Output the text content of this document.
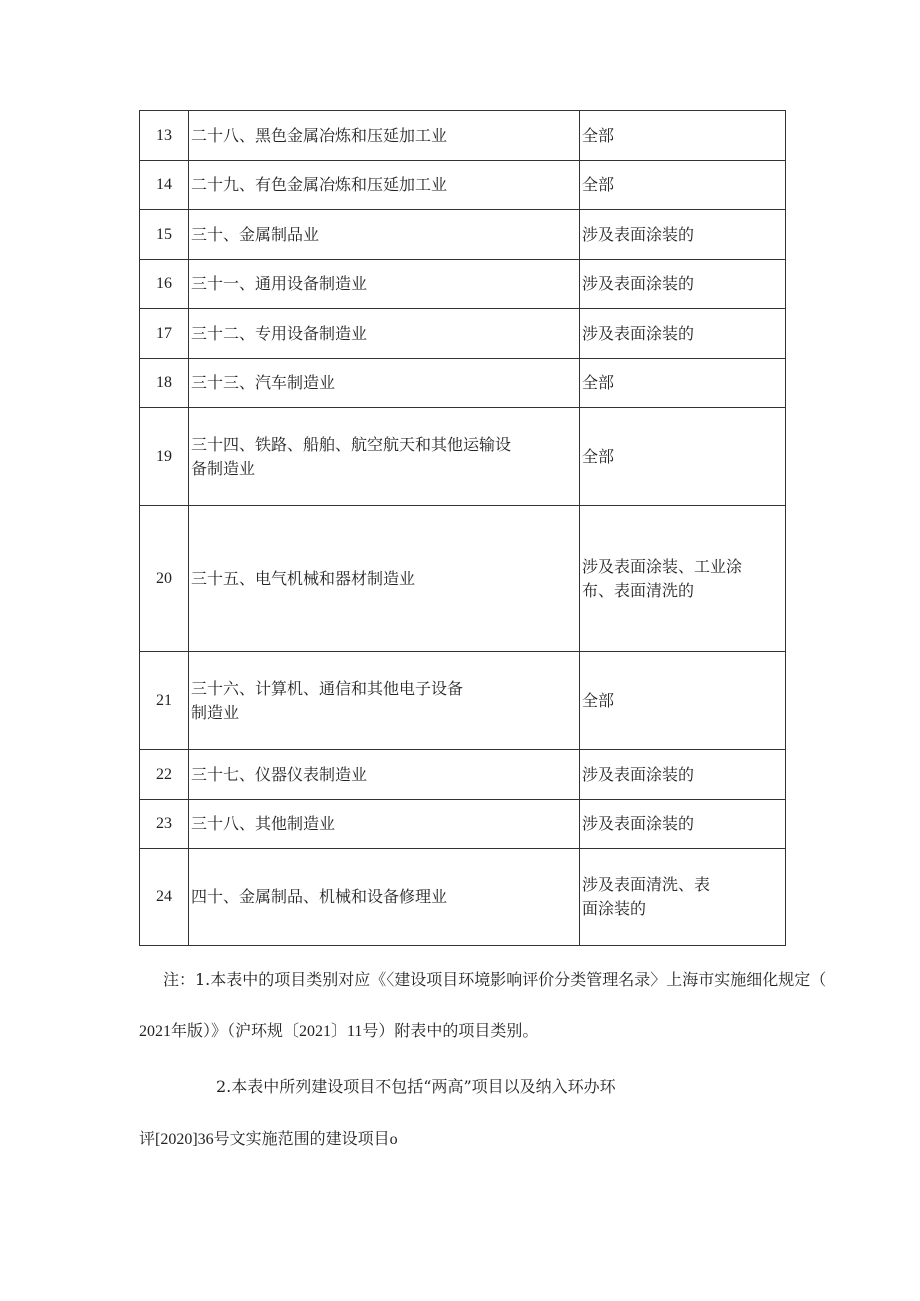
13	二十八、黑色金属冶炼和压延加工业	全部
14	二十九、有色金属冶炼和压延加工业	全部
15	三十、金属制品业	涉及表面涂装的
16	三十一、通用设备制造业	涉及表面涂装的
17	三十二、专用设备制造业	涉及表面涂装的
18	三十三、汽车制造业	全部
19	三十四、铁路、船舶、航空航天和其他运输设
备制造业	全部
20	三十五、电气机械和器材制造业	涉及表面涂装、工业涂
布、表面清洗的
21	三十六、计算机、通信和其他电子设备
制造业	全部
22	三十七、仪器仪表制造业	涉及表面涂装的
23	三十八、其他制造业	涉及表面涂装的
24	四十、金属制品、机械和设备修理业	涉及表面清洗、表
面涂装的
注：1.本表中的项目类别对应《〈建设项目环境影响评价分类管理名录〉上海市实施细化规定（
2021年版）》（沪环规〔2021〕11号）附表中的项目类别。
2.本表中所列建设项目不包括“两高”项目以及纳入环办环
评[2020]36号文实施范围的建设项目o
